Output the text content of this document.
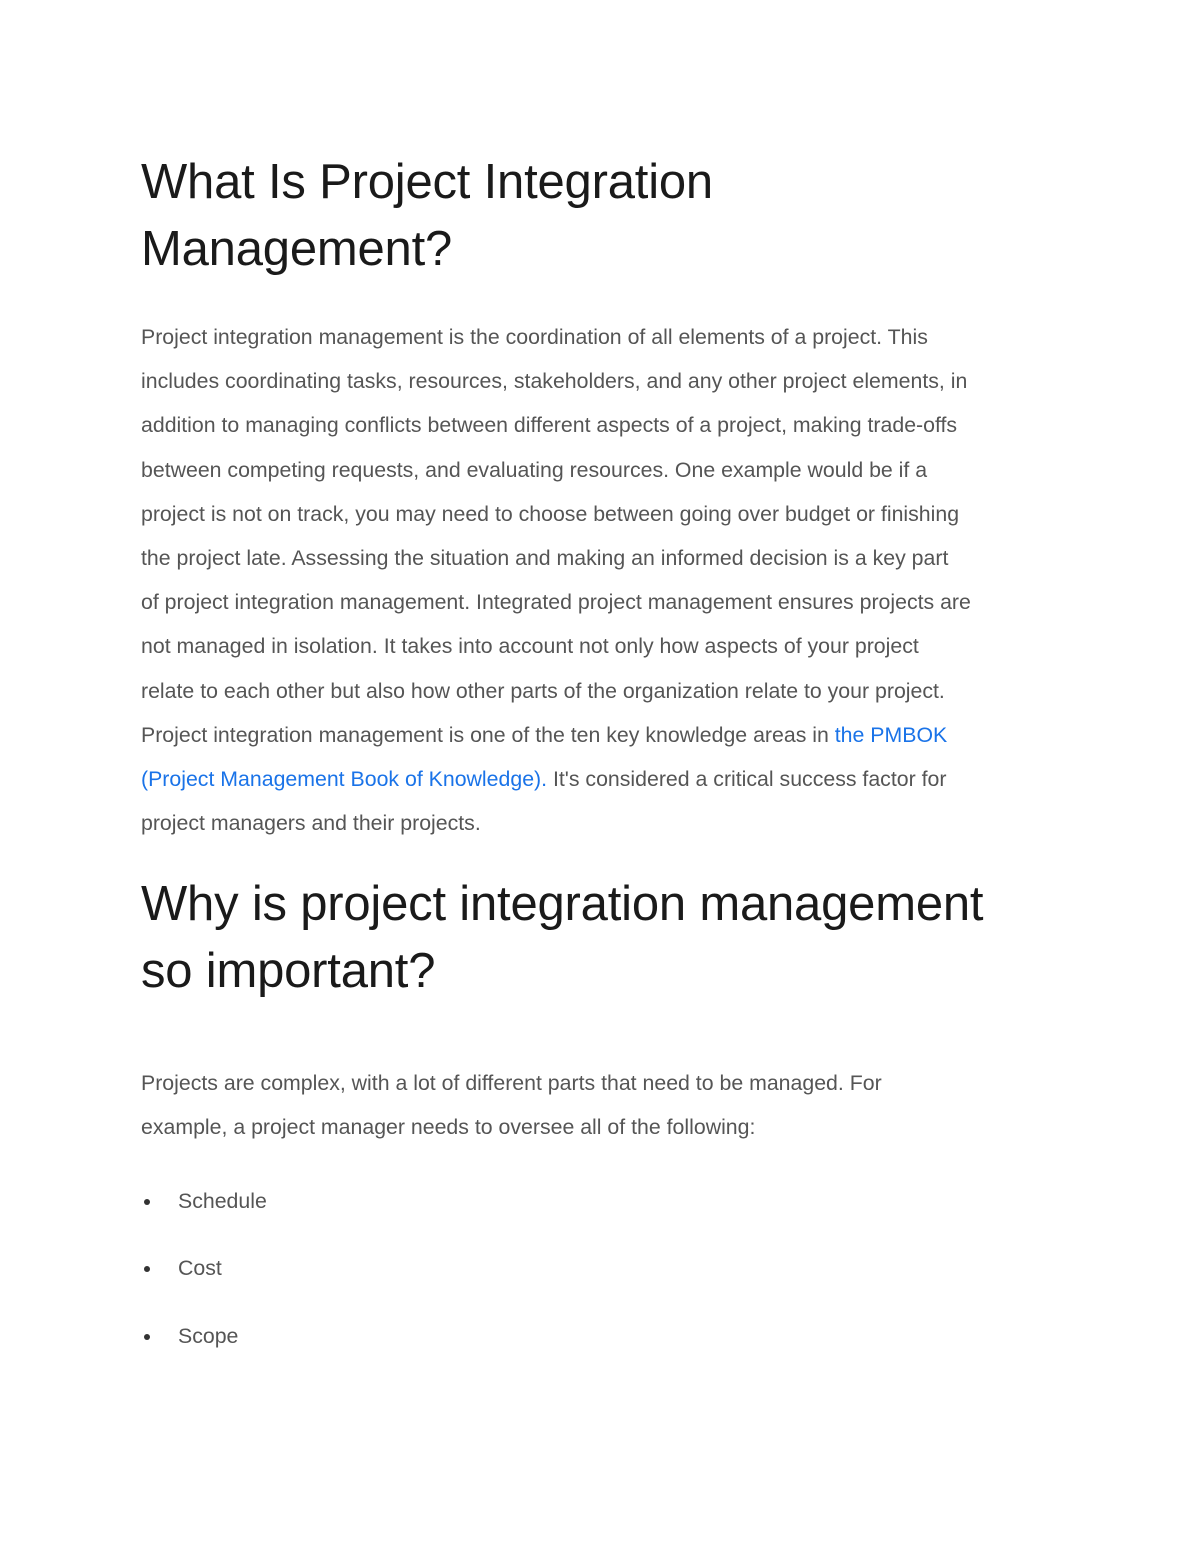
What Is Project Integration
Management?
Project integration management is the coordination of all elements of a project. This
includes coordinating tasks, resources, stakeholders, and any other project elements, in
addition to managing conflicts between different aspects of a project, making trade-offs
between competing requests, and evaluating resources. One example would be if a
project is not on track, you may need to choose between going over budget or finishing
the project late. Assessing the situation and making an informed decision is a key part
of project integration management. Integrated project management ensures projects are
not managed in isolation. It takes into account not only how aspects of your project
relate to each other but also how other parts of the organization relate to your project.
Project integration management is one of the ten key knowledge areas in the PMBOK
(Project Management Book of Knowledge). It's considered a critical success factor for
project managers and their projects.
Why is project integration management
so important?
Projects are complex, with a lot of different parts that need to be managed. For
example, a project manager needs to oversee all of the following:
Schedule
Cost
Scope
